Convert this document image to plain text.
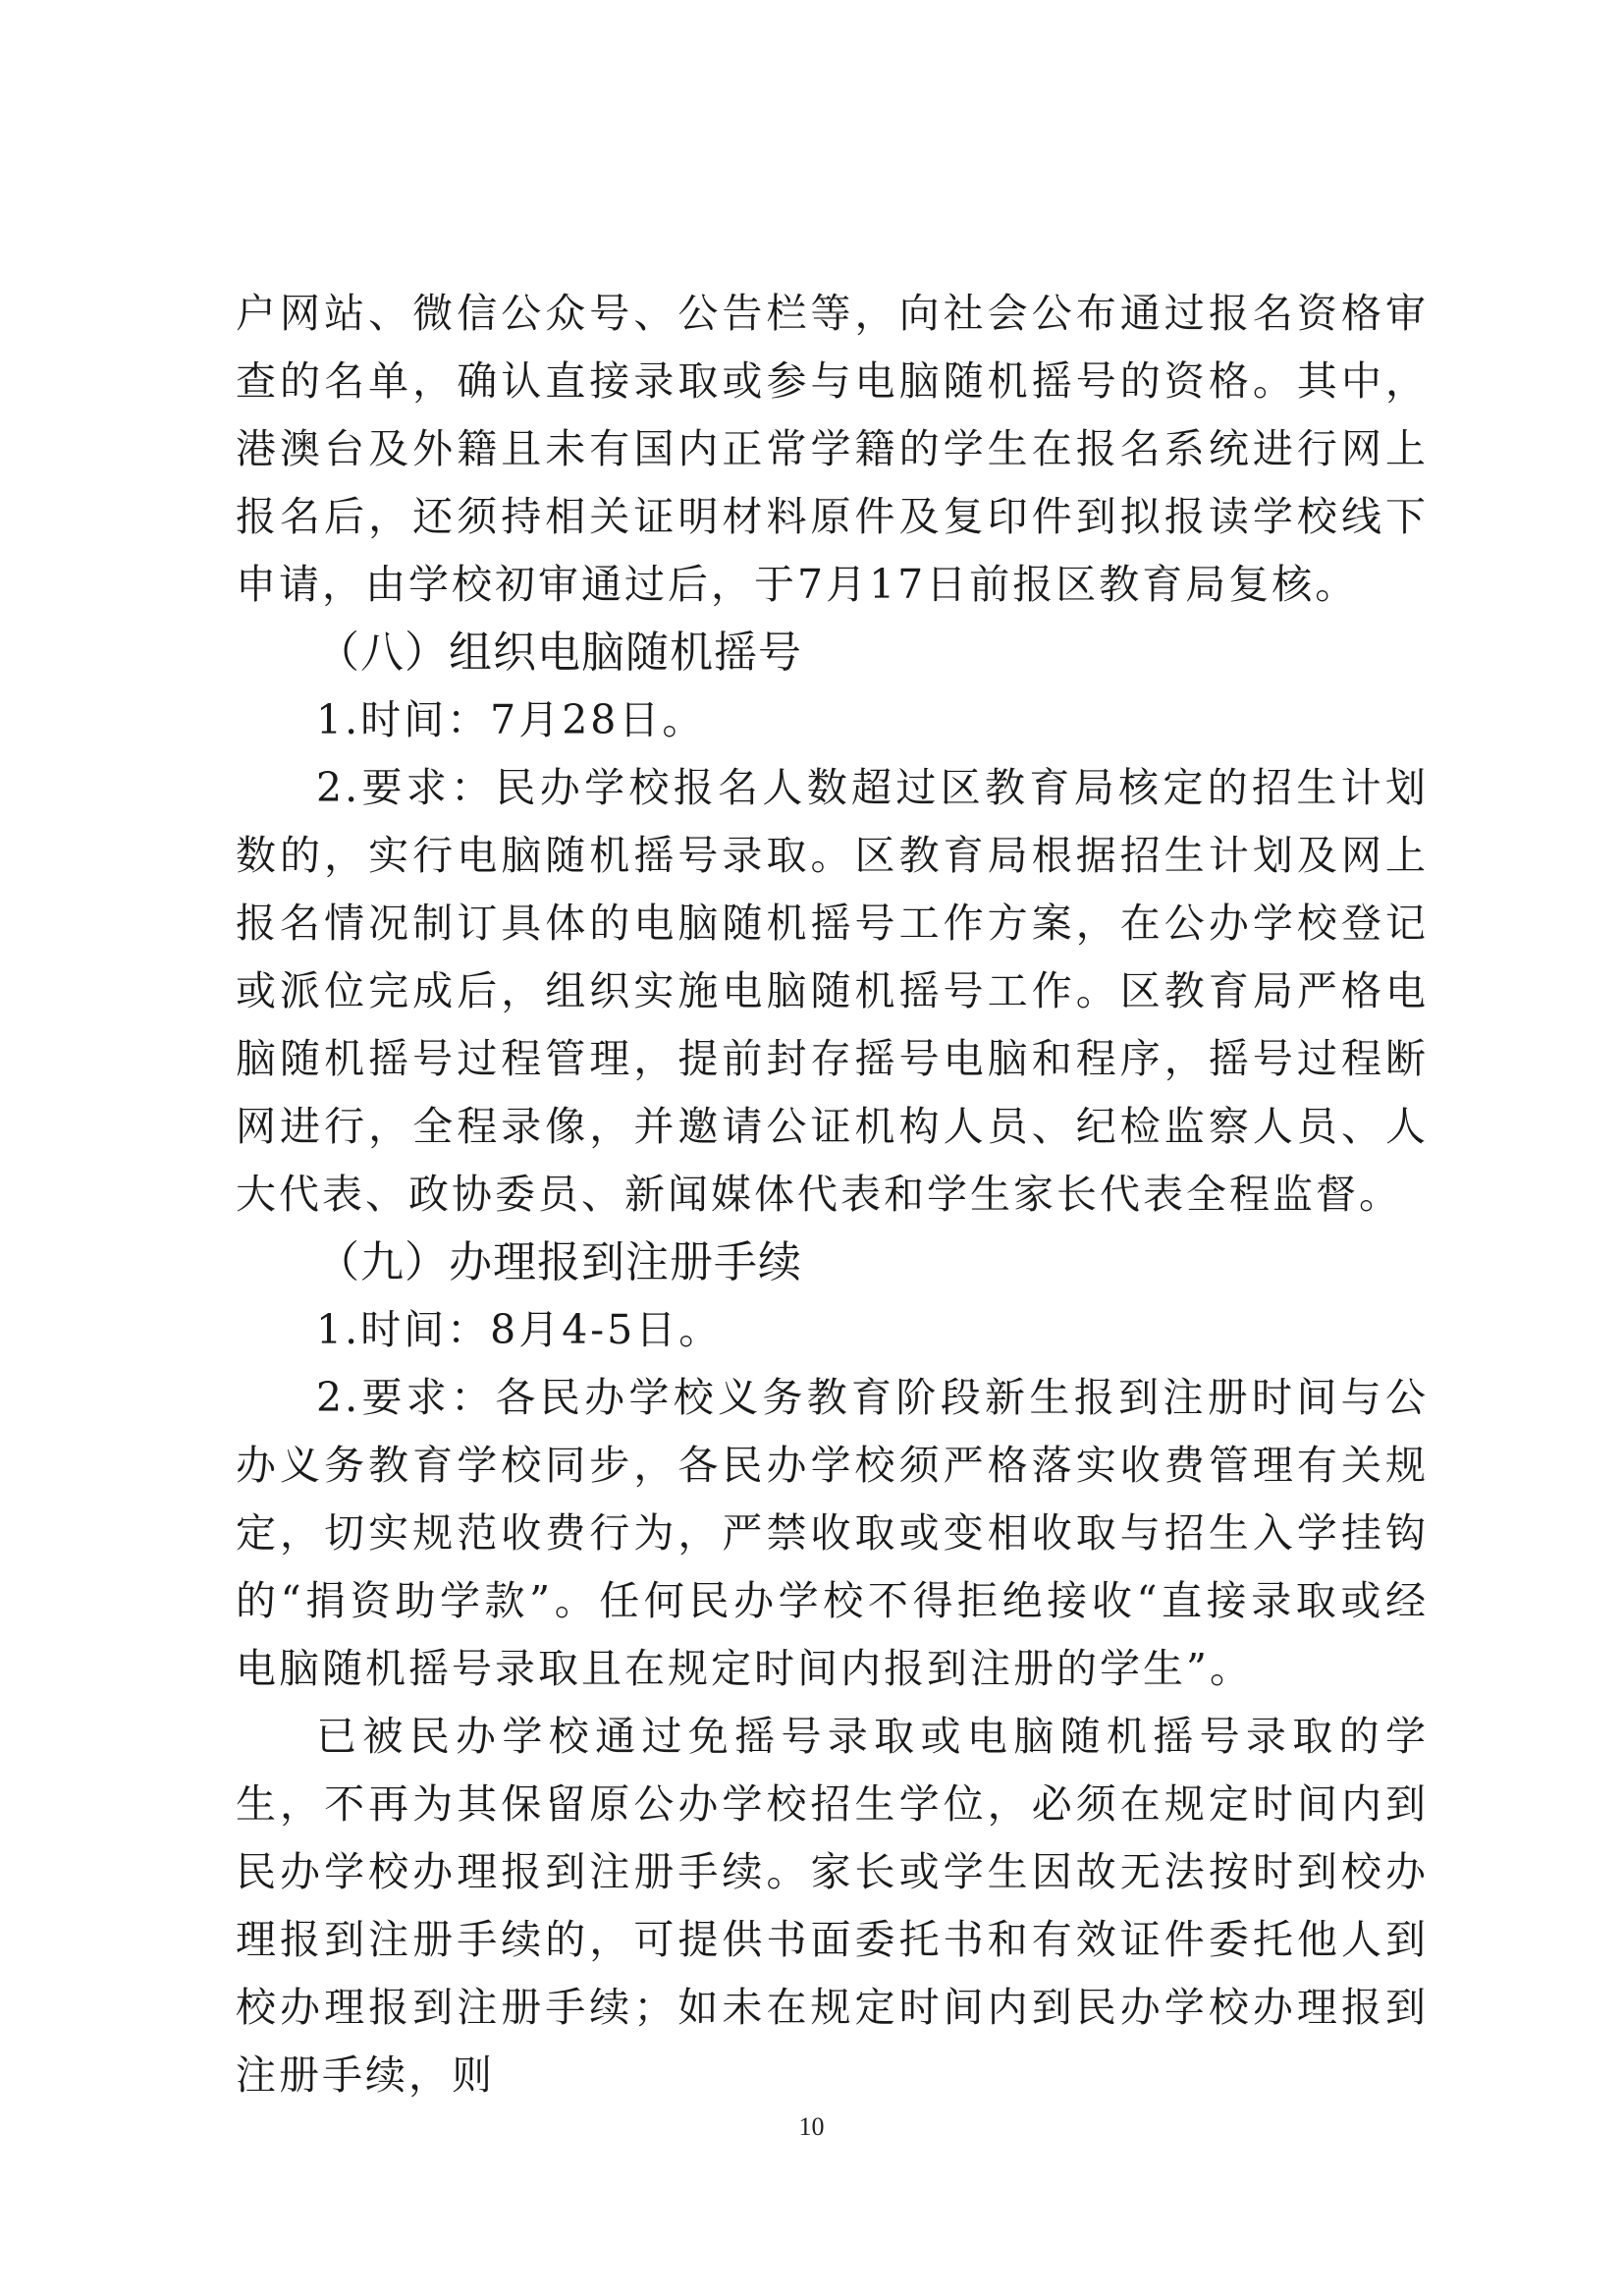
户网站、微信公众号、公告栏等，向社会公布通过报名资格审查的名单，确认直接录取或参与电脑随机摇号的资格。其中，港澳台及外籍且未有国内正常学籍的学生在报名系统进行网上报名后，还须持相关证明材料原件及复印件到拟报读学校线下申请，由学校初审通过后，于7月17日前报区教育局复核。

（八）组织电脑随机摇号

1.时间：7月28日。

2.要求：民办学校报名人数超过区教育局核定的招生计划数的，实行电脑随机摇号录取。区教育局根据招生计划及网上报名情况制订具体的电脑随机摇号工作方案，在公办学校登记或派位完成后，组织实施电脑随机摇号工作。区教育局严格电脑随机摇号过程管理，提前封存摇号电脑和程序，摇号过程断网进行，全程录像，并邀请公证机构人员、纪检监察人员、人大代表、政协委员、新闻媒体代表和学生家长代表全程监督。

（九）办理报到注册手续

1.时间：8月4-5日。

2.要求：各民办学校义务教育阶段新生报到注册时间与公办义务教育学校同步，各民办学校须严格落实收费管理有关规定，切实规范收费行为，严禁收取或变相收取与招生入学挂钩的“捐资助学款”。任何民办学校不得拒绝接收“直接录取或经电脑随机摇号录取且在规定时间内报到注册的学生”。

已被民办学校通过免摇号录取或电脑随机摇号录取的学生，不再为其保留原公办学校招生学位，必须在规定时间内到民办学校办理报到注册手续。家长或学生因故无法按时到校办理报到注册手续的，可提供书面委托书和有效证件委托他人到校办理报到注册手续；如未在规定时间内到民办学校办理报到注册手续，则

10
